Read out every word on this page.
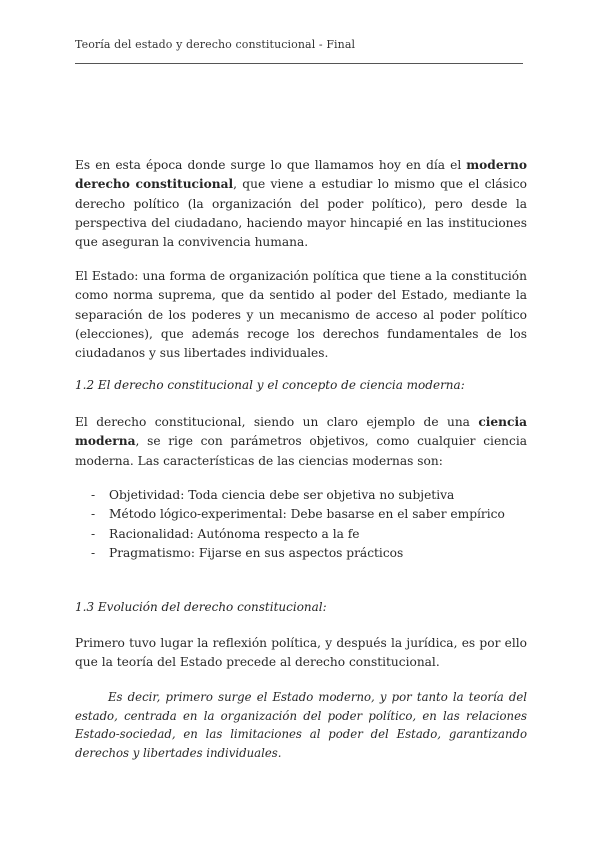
Teoría del estado y derecho constitucional - Final
Es en esta época donde surge lo que llamamos hoy en día el moderno derecho constitucional, que viene a estudiar lo mismo que el clásico derecho político (la organización del poder político), pero desde la perspectiva del ciudadano, haciendo mayor hincapié en las instituciones que aseguran la convivencia humana.
El Estado: una forma de organización política que tiene a la constitución como norma suprema, que da sentido al poder del Estado, mediante la separación de los poderes y un mecanismo de acceso al poder político (elecciones), que además recoge los derechos fundamentales de los ciudadanos y sus libertades individuales.
1.2 El derecho constitucional y el concepto de ciencia moderna:
El derecho constitucional, siendo un claro ejemplo de una ciencia moderna, se rige con parámetros objetivos, como cualquier ciencia moderna. Las características de las ciencias modernas son:
- Objetividad: Toda ciencia debe ser objetiva no subjetiva
- Método lógico-experimental: Debe basarse en el saber empírico
- Racionalidad: Autónoma respecto a la fe
- Pragmatismo: Fijarse en sus aspectos prácticos
1.3 Evolución del derecho constitucional:
Primero tuvo lugar la reflexión política, y después la jurídica, es por ello que la teoría del Estado precede al derecho constitucional.
Es decir, primero surge el Estado moderno, y por tanto la teoría del estado, centrada en la organización del poder político, en las relaciones Estado-sociedad, en las limitaciones al poder del Estado, garantizando derechos y libertades individuales.
